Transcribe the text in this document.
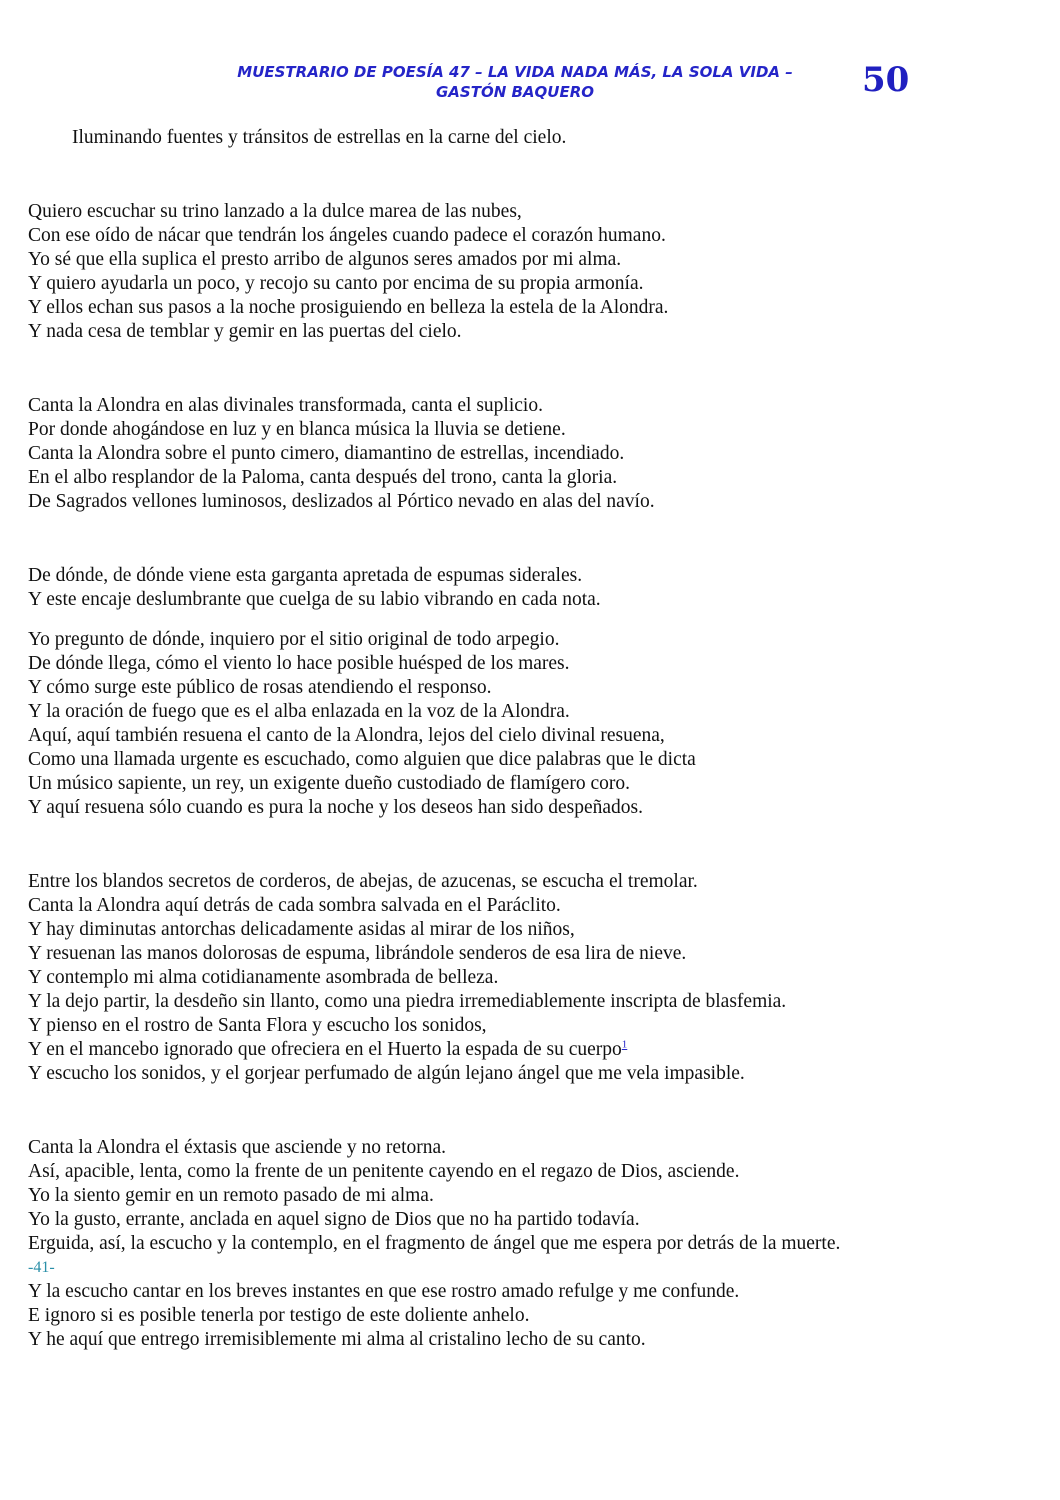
MUESTRARIO DE POESÍA 47 – LA VIDA NADA MÁS, LA SOLA VIDA –
GASTÓN BAQUERO	50
Iluminando fuentes y tránsitos de estrellas en la carne del cielo.
Quiero escuchar su trino lanzado a la dulce marea de las nubes,
Con ese oído de nácar que tendrán los ángeles cuando padece el corazón humano.
Yo sé que ella suplica el presto arribo de algunos seres amados por mi alma.
Y quiero ayudarla un poco, y recojo su canto por encima de su propia armonía.
Y ellos echan sus pasos a la noche prosiguiendo en belleza la estela de la Alondra.
Y nada cesa de temblar y gemir en las puertas del cielo.
Canta la Alondra en alas divinales transformada, canta el suplicio.
Por donde ahogándose en luz y en blanca música la lluvia se detiene.
Canta la Alondra sobre el punto cimero, diamantino de estrellas, incendiado.
En el albo resplandor de la Paloma, canta después del trono, canta la gloria.
De Sagrados vellones luminosos, deslizados al Pórtico nevado en alas del navío.
De dónde, de dónde viene esta garganta apretada de espumas siderales.
Y este encaje deslumbrante que cuelga de su labio vibrando en cada nota.
Yo pregunto de dónde, inquiero por el sitio original de todo arpegio.
De dónde llega, cómo el viento lo hace posible huésped de los mares.
Y cómo surge este público de rosas atendiendo el responso.
Y la oración de fuego que es el alba enlazada en la voz de la Alondra.
Aquí, aquí también resuena el canto de la Alondra, lejos del cielo divinal resuena,
Como una llamada urgente es escuchado, como alguien que dice palabras que le dicta
Un músico sapiente, un rey, un exigente dueño custodiado de flamígero coro.
Y aquí resuena sólo cuando es pura la noche y los deseos han sido despeñados.
Entre los blandos secretos de corderos, de abejas, de azucenas, se escucha el tremolar.
Canta la Alondra aquí detrás de cada sombra salvada en el Paráclito.
Y hay diminutas antorchas delicadamente asidas al mirar de los niños,
Y resuenan las manos dolorosas de espuma, librándole senderos de esa lira de nieve.
Y contemplo mi alma cotidianamente asombrada de belleza.
Y la dejo partir, la desdeño sin llanto, como una piedra irremediablemente inscripta de blasfemia.
Y pienso en el rostro de Santa Flora y escucho los sonidos,
Y en el mancebo ignorado que ofreciera en el Huerto la espada de su cuerpo$^1$
Y escucho los sonidos, y el gorjear perfumado de algún lejano ángel que me vela impasible.
Canta la Alondra el éxtasis que asciende y no retorna.
Así, apacible, lenta, como la frente de un penitente cayendo en el regazo de Dios, asciende.
Yo la siento gemir en un remoto pasado de mi alma.
Yo la gusto, errante, anclada en aquel signo de Dios que no ha partido todavía.
Erguida, así, la escucho y la contemplo, en el fragmento de ángel que me espera por detrás de la muerte.
-41-
Y la escucho cantar en los breves instantes en que ese rostro amado refulge y me confunde.
E ignoro si es posible tenerla por testigo de este doliente anhelo.
Y he aquí que entrego irremisiblemente mi alma al cristalino lecho de su canto.
